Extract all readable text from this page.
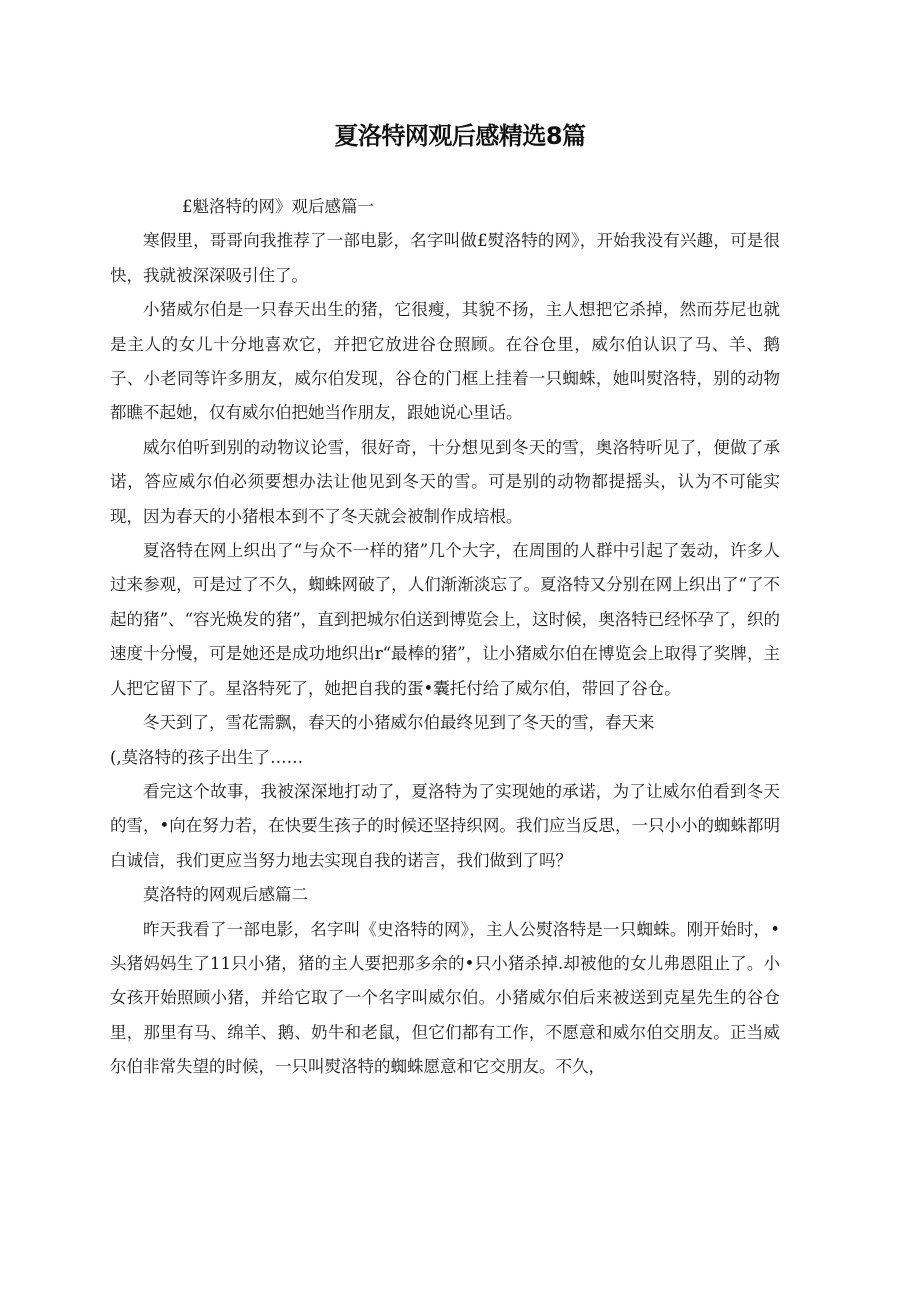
夏洛特网观后感精选8篇

£魁洛特的网》观后感篇一

寒假里，哥哥向我推荐了一部电影，名字叫做£熨洛特的网》，开始我没有兴趣，可是很快，我就被深深吸引住了。

小猪威尔伯是一只春天出生的猪，它很瘦，其貌不扬，主人想把它杀掉，然而芬尼也就是主人的女儿十分地喜欢它，并把它放进谷仓照顾。在谷仓里，威尔伯认识了马、羊、鹅子、小老同等许多朋友，威尔伯发现，谷仓的门框上挂着一只蜘蛛，她叫熨洛特，别的动物都瞧不起她，仅有威尔伯把她当作朋友，跟她说心里话。

威尔伯听到别的动物议论雪，很好奇，十分想见到冬天的雪，奥洛特听见了，便做了承诺，答应威尔伯必须要想办法让他见到冬天的雪。可是别的动物都提摇头，认为不可能实现，因为春天的小猪根本到不了冬天就会被制作成培根。

夏洛特在网上织出了“与众不一样的猪”几个大字，在周围的人群中引起了轰动，许多人过来参观，可是过了不久，蜘蛛网破了，人们渐渐淡忘了。夏洛特又分别在网上织出了“了不起的猪”、“容光焕发的猪”，直到把城尔伯送到博览会上，这时候，奥洛特已经怀孕了，织的速度十分慢，可是她还是成功地织出r“最棒的猪”，让小猪威尔伯在博览会上取得了奖牌，主人把它留下了。星洛特死了，她把自我的蛋•囊托付给了威尔伯，带回了谷仓。

冬天到了，雪花需飘，春天的小猪威尔伯最终见到了冬天的雪，春天来

(,莫洛特的孩子出生了……

看完这个故事，我被深深地打动了，夏洛特为了实现她的承诺，为了让威尔伯看到冬天的雪，•向在努力若，在快要生孩子的时候还坚持织网。我们应当反思，一只小小的蜘蛛都明白诚信，我们更应当努力地去实现自我的诺言，我们做到了吗？

莫洛特的网观后感篇二

昨天我看了一部电影，名字叫《史洛特的网》，主人公熨洛特是一只蜘蛛。刚开始时，•头猪妈妈生了11只小猪，猪的主人要把那多余的•只小猪杀掉.却被他的女儿弗恩阻止了。小女孩开始照顾小猪，并给它取了一个名字叫威尔伯。小猪威尔伯后来被送到克星先生的谷仓里，那里有马、绵羊、鹅、奶牛和老鼠，但它们都有工作，不愿意和威尔伯交朋友。正当威尔伯非常失望的时候，一只叫熨洛特的蜘蛛愿意和它交朋友。不久，
